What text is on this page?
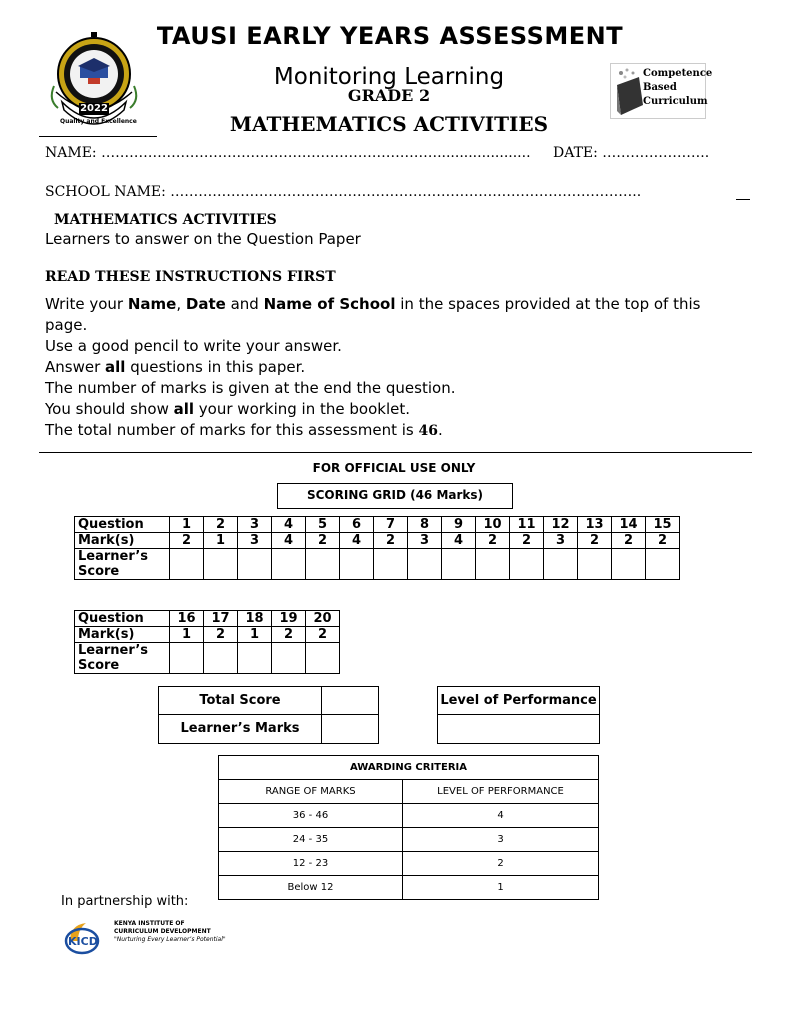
TAUSI EARLY YEARS ASSESSMENT
2022
Quality and Excellence
Monitoring Learning
GRADE 2
MATHEMATICS ACTIVITIES
Competence
Based
Curriculum
NAME: ………………………………………………………………..................... DATE: …………………..
SCHOOL NAME: ………………………………………………………………………………………..
MATHEMATICS ACTIVITIES
Learners to answer on the Question Paper
READ THESE INSTRUCTIONS FIRST

Write your Name, Date and Name of School in the spaces provided at the top of this page.

Use a good pencil to write your answer.

Answer all questions in this paper.

The number of marks is given at the end the question.

You should show all your working in the booklet.

The total number of marks for this assessment is 46.

FOR OFFICIAL USE ONLY
SCORING GRID (46 Marks)
Question	1	2	3	4	5	6	7	8	9	10	11	12	13	14	15
Mark(s)	2	1	3	4	2	4	2	3	4	2	2	3	2	2	2
Learner’s Score															
Question	16	17	18	19	20
Mark(s)	1	2	1	2	2
Learner’s Score					
Total Score
Learner’s Marks
Level of Performance
AWARDING CRITERIA	
RANGE OF MARKS	LEVEL OF PERFORMANCE
36 - 46	4
24 - 35	3
12 - 23	2
Below 12	1
In partnership with:
KICD
KENYA INSTITUTE OF
CURRICULUM DEVELOPMENT
"Nurturing Every Learner’s Potential"
